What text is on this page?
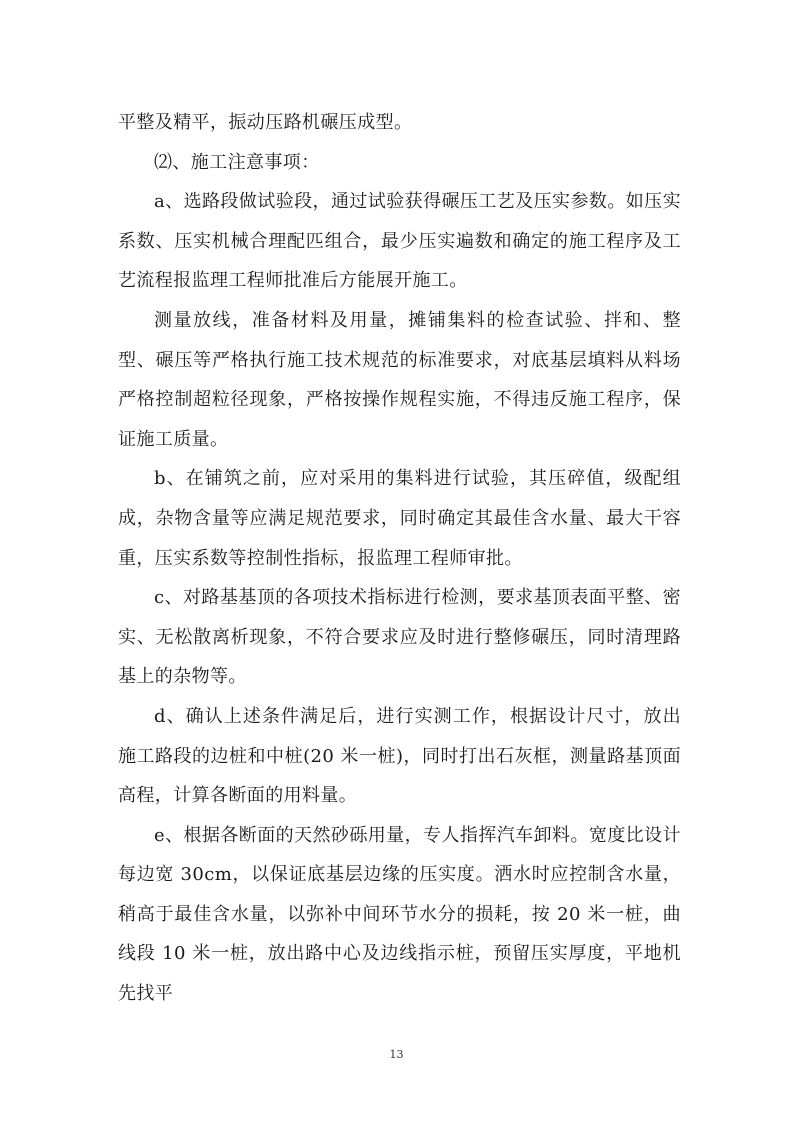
平整及精平，振动压路机碾压成型。

⑵、施工注意事项：

a、选路段做试验段，通过试验获得碾压工艺及压实参数。如压实系数、压实机械合理配匹组合，最少压实遍数和确定的施工程序及工艺流程报监理工程师批准后方能展开施工。

测量放线，准备材料及用量，摊铺集料的检查试验、拌和、整型、碾压等严格执行施工技术规范的标准要求，对底基层填料从料场严格控制超粒径现象，严格按操作规程实施，不得违反施工程序，保证施工质量。

b、在铺筑之前，应对采用的集料进行试验，其压碎值，级配组成，杂物含量等应满足规范要求，同时确定其最佳含水量、最大干容重，压实系数等控制性指标，报监理工程师审批。

c、对路基基顶的各项技术指标进行检测，要求基顶表面平整、密实、无松散离析现象，不符合要求应及时进行整修碾压，同时清理路基上的杂物等。

d、确认上述条件满足后，进行实测工作，根据设计尺寸，放出施工路段的边桩和中桩(20 米一桩)，同时打出石灰框，测量路基顶面高程，计算各断面的用料量。

e、根据各断面的天然砂砾用量，专人指挥汽车卸料。宽度比设计每边宽 30cm，以保证底基层边缘的压实度。洒水时应控制含水量，稍高于最佳含水量，以弥补中间环节水分的损耗，按 20 米一桩，曲线段 10 米一桩，放出路中心及边线指示桩，预留压实厚度，平地机先找平

13
